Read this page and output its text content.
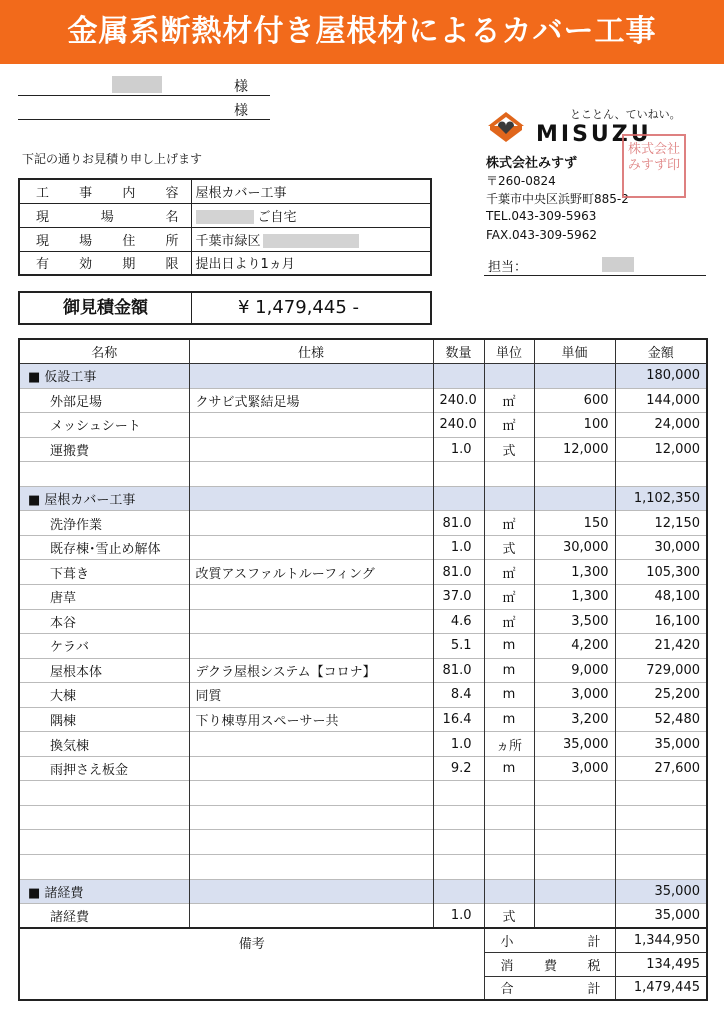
金属系断熱材付き屋根材によるカバー工事
様
様
下記の通りお見積り申し上げます
工事内容	屋根カバー工事
現場名	ご自宅
現場住所	千葉市緑区
有効期限	提出日より1ヵ月
御見積金額	¥ 1,479,445 -
とことん、ていねい。
MISUZU
株式会社みすず
〒260-0824
千葉市中央区浜野町885-2
TEL.043-309-5963
FAX.043-309-5962
株式会社みすず印
担当：
名称	仕様	数量	単位	単価	金額
■ 仮設工事					180,000
外部足場	クサビ式緊結足場	240.0	㎡	600	144,000
メッシュシート		240.0	㎡	100	24,000
運搬費		1.0	式	12,000	12,000

■ 屋根カバー工事					1,102,350
洗浄作業		81.0	㎡	150	12,150
既存棟･雪止め解体		1.0	式	30,000	30,000
下葺き	改質アスファルトルーフィング	81.0	㎡	1,300	105,300
唐草		37.0	㎡	1,300	48,100
本谷		4.6	㎡	3,500	16,100
ケラバ		5.1	m	4,200	21,420
屋根本体	デクラ屋根システム【コロナ】	81.0	m	9,000	729,000
大棟	同質	8.4	m	3,000	25,200
隅棟	下り棟専用スペーサー共	16.4	m	3,200	52,480
換気棟		1.0	ヵ所	35,000	35,000
雨押さえ板金		9.2	m	3,000	27,600

■ 諸経費					35,000
諸経費		1.0	式		35,000
備考	小計	1,344,950
	消費税	134,495
	合計	1,479,445
